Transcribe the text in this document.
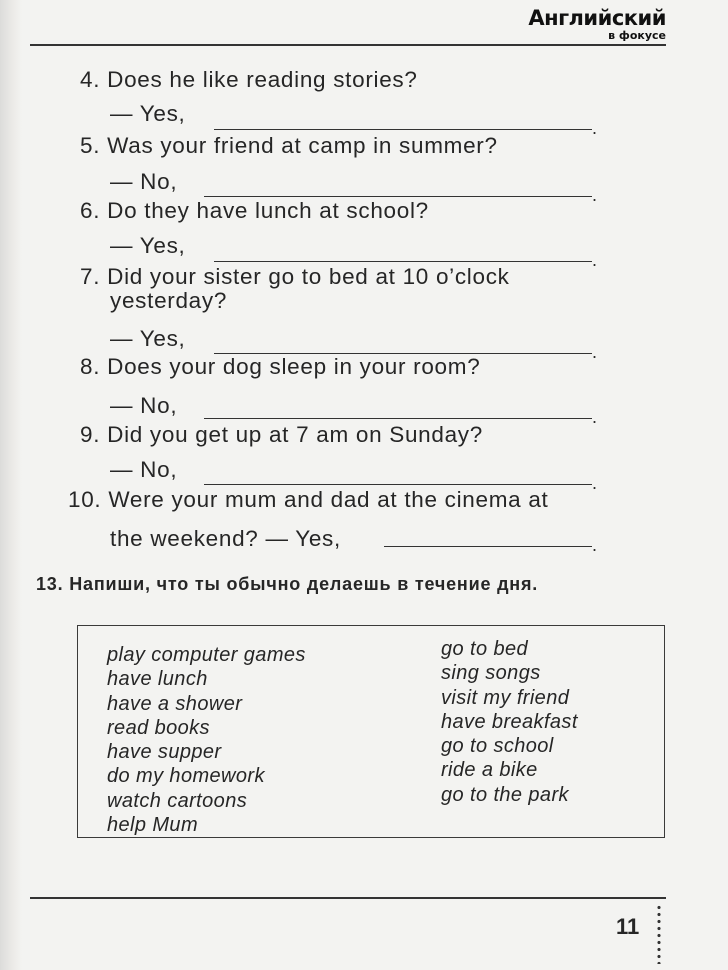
Английский
в фокусе
4. Does he like reading stories?
— Yes,
.
5. Was your friend at camp in summer?
— No,
.
6. Do they have lunch at school?
— Yes,
.
7. Did your sister go to bed at 10 o’clock
yesterday?
— Yes,
.
8. Does your dog sleep in your room?
— No,	.
9. Did you get up at 7 am on Sunday?
— No,
.
10. Were your mum and dad at the cinema at
the weekend? — Yes,	.
13. Напиши, что ты обычно делаешь в течение дня.
play computer games
have lunch
have a shower
read books
have supper
do my homework
watch cartoons
help Mum
go to bed
sing songs
visit my friend
have breakfast
go to school
ride a bike
go to the park
11
